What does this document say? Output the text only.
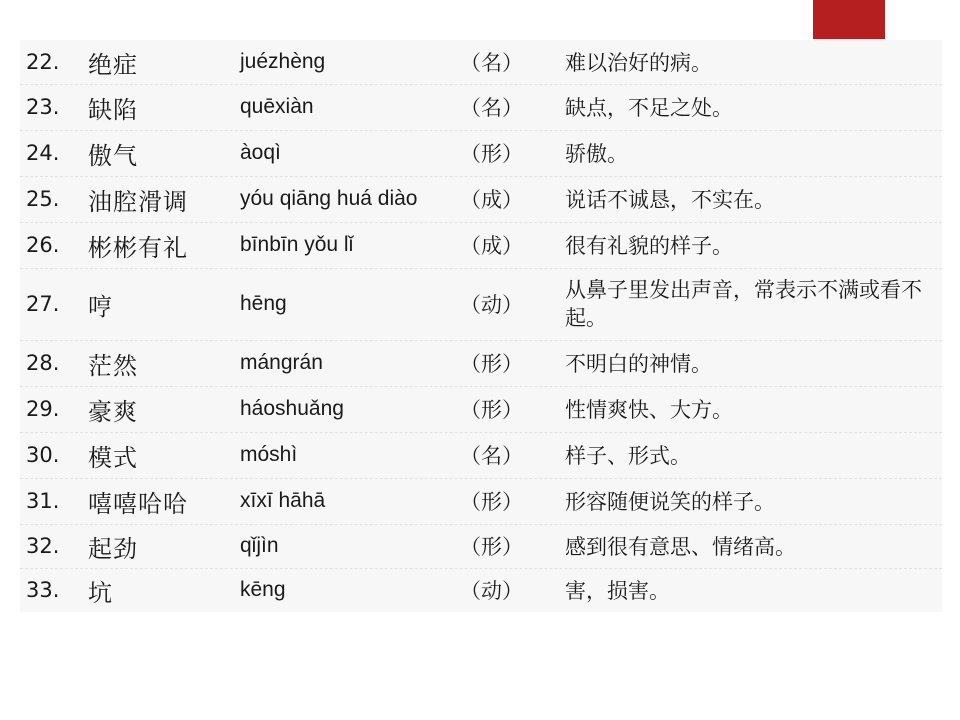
22. 绝症	juézhèng	（名） 难以治好的病。
23. 缺陷	quēxiàn	（名） 缺点，不足之处。
24. 傲气	àoqì	（形） 骄傲。
25. 油腔滑调 yóu qiāng huá diào （成） 说话不诚恳，不实在。
26. 彬彬有礼 bīnbīn yǒu lǐ	（成） 很有礼貌的样子。
27. 哼	hēng	（动）
从鼻子里发出声音，常表示不满或看不起。
28. 茫然	mángrán	（形） 不明白的神情。
29. 豪爽	háoshuǎng	（形） 性情爽快、大方。
30. 模式	móshì	（名） 样子、形式。
31. 嘻嘻哈哈 xīxī hāhā	（形） 形容随便说笑的样子。
32. 起劲	qǐjìn	（形） 感到很有意思、情绪高。
33. 坑	kēng	（动） 害，损害。
